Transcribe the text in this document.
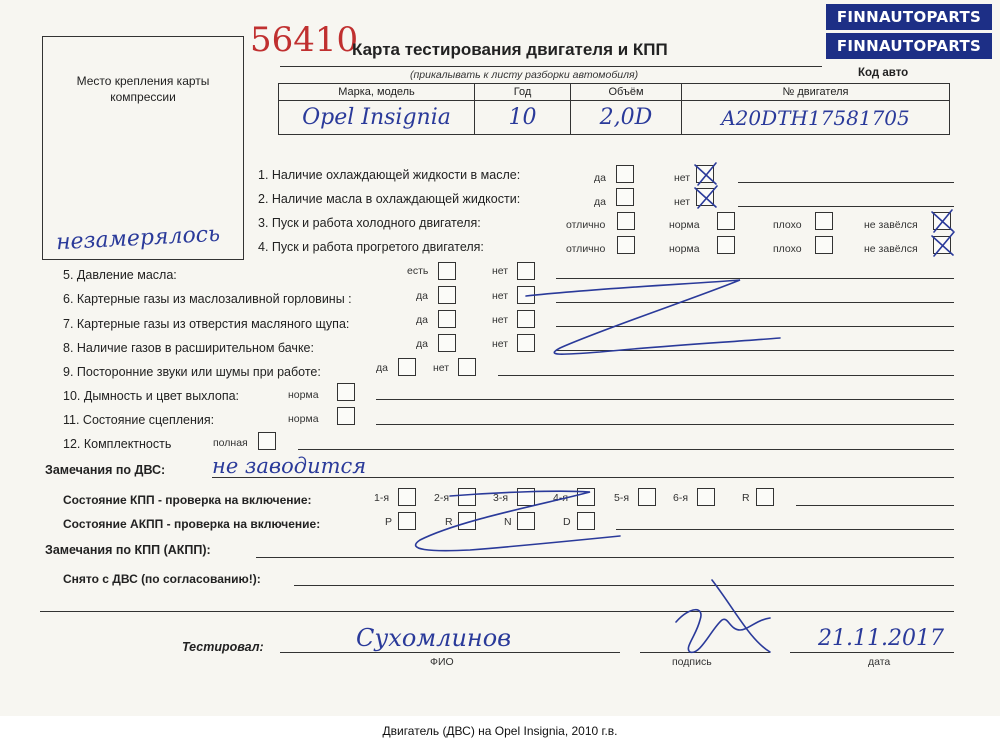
FINNAUTOPARTS
FINNAUTOPARTS
Место крепления карты компрессии
незамерялось
56410
Карта тестирования двигателя и КПП
(прикалывать к листу разборки автомобиля)	Код авто
Марка, модель	Год	Объём	№ двигателя
Opel Insignia	10	2,0D	A20DTH17581705
1. Наличие охлаждающей жидкости в масле:	да	нет
2. Наличие масла в охлаждающей жидкости:	да	нет
3. Пуск и работа холодного двигателя:	отлично	норма	плохо	не завёлся
4. Пуск и работа прогретого двигателя:	отлично	норма	плохо	не завёлся
5. Давление масла:	есть	нет
6. Картерные газы из маслозаливной горловины :	да	нет
7. Картерные газы из отверстия масляного щупа:	да	нет
8. Наличие газов в расширительном бачке:	да	нет
9. Посторонние звуки или шумы при работе:	да	нет
10. Дымность и цвет выхлопа:	норма
11. Состояние сцепления:	норма
12. Комплектность	полная
Замечания по ДВС: не заводится
Состояние КПП - проверка на включение:	1-я	2-я	3-я	4-я	5-я	6-я	R
Состояние АКПП - проверка на включение:	P	R	N	D
Замечания по КПП (АКПП):
Снято с ДВС (по согласованию!):
Тестировал:	Сухомлинов
ФИО	подпись
21.11.2017
дата
Двигатель (ДВС) на Opel Insignia, 2010 г.в.
